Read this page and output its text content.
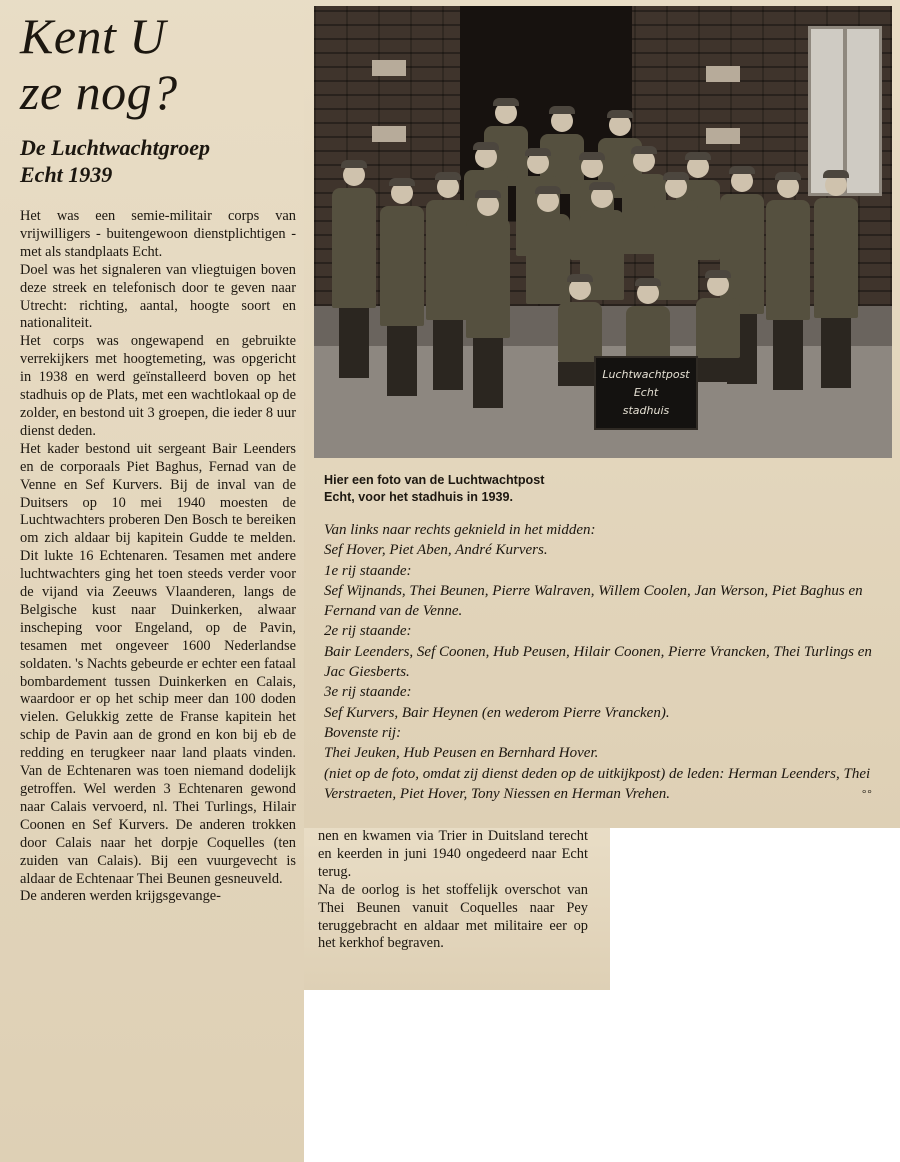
Kent U
ze nog?
De Luchtwachtgroep
Echt 1939

Het was een semie-militair corps van vrijwilligers - buitengewoon dienstplichtigen - met als standplaats Echt.

Doel was het signaleren van vliegtuigen boven deze streek en telefonisch door te geven naar Utrecht: richting, aantal, hoogte soort en nationaliteit.

Het corps was ongewapend en gebruikte verrekijkers met hoogtemeting, was opgericht in 1938 en werd geïnstalleerd boven op het stadhuis op de Plats, met een wachtlokaal op de zolder, en bestond uit 3 groepen, die ieder 8 uur dienst deden.

Het kader bestond uit sergeant Bair Leenders en de corporaals Piet Baghus, Fernad van de Venne en Sef Kurvers. Bij de inval van de Duitsers op 10 mei 1940 moesten de Luchtwachters proberen Den Bosch te bereiken om zich aldaar bij kapitein Gudde te melden. Dit lukte 16 Echtenaren. Tesamen met andere luchtwachters ging het toen steeds verder voor de vijand via Zeeuws Vlaanderen, langs de Belgische kust naar Duinkerken, alwaar inscheping voor Engeland, op de Pavin, tesamen met ongeveer 1600 Nederlandse soldaten. 's Nachts gebeurde er echter een fataal bombardement tussen Duinkerken en Calais, waardoor er op het schip meer dan 100 doden vielen. Gelukkig zette de Franse kapitein het schip de Pavin aan de grond en kon bij eb de redding en terugkeer naar land plaats vinden. Van de Echtenaren was toen niemand dodelijk getroffen. Wel werden 3 Echtenaren gewond naar Calais vervoerd, nl. Thei Turlings, Hilair Coonen en Sef Kurvers. De anderen trokken door Calais naar het dorpje Coquelles (ten zuiden van Calais). Bij een vuurgevecht is aldaar de Echtenaar Thei Beunen gesneuveld.

De anderen werden krijgsgevange-

Luchtwachtpost
Echt
stadhuis
Hier een foto van de Luchtwachtpost
Echt, voor het stadhuis in 1939.
Van links naar rechts geknield in het midden:
Sef Hover, Piet Aben, André Kurvers.
1e rij staande:
Sef Wijnands, Thei Beunen, Pierre Walraven, Willem Coolen, Jan Werson, Piet Baghus en Fernand van de Venne.
2e rij staande:
Bair Leenders, Sef Coonen, Hub Peusen, Hilair Coonen, Pierre Vrancken, Thei Turlings en Jac Giesberts.
3e rij staande:
Sef Kurvers, Bair Heynen (en wederom Pierre Vrancken).
Bovenste rij:
Thei Jeuken, Hub Peusen en Bernhard Hover.
(niet op de foto, omdat zij dienst deden op de uitkijkpost) de leden: Herman Leenders, Thei Verstraeten, Piet Hover, Tony Niessen en Herman Vrehen.	°°

nen en kwamen via Trier in Duitsland terecht en keerden in juni 1940 ongedeerd naar Echt terug.

Na de oorlog is het stoffelijk overschot van Thei Beunen vanuit Coquelles naar Pey teruggebracht en aldaar met militaire eer op het kerkhof begraven.
